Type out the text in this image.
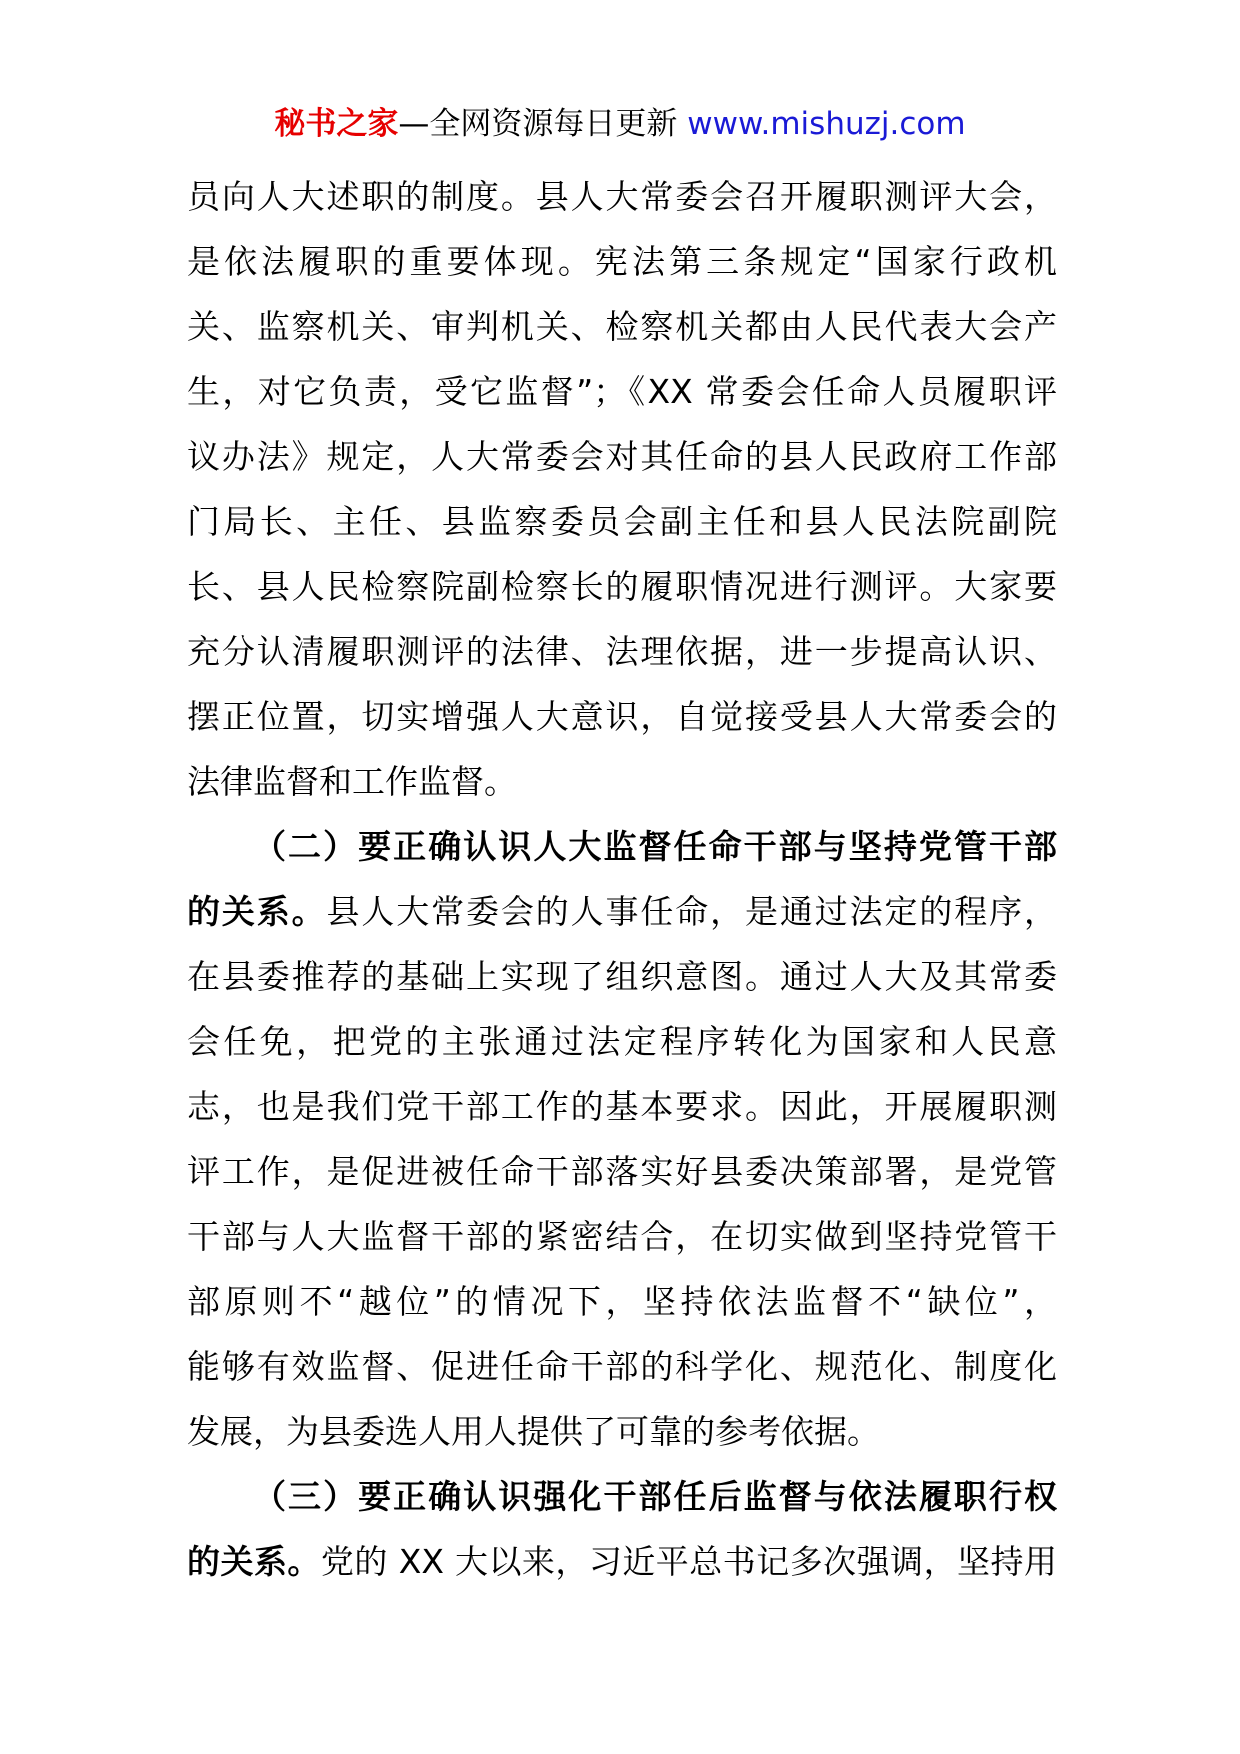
秘书之家—全网资源每日更新 www.mishuzj.com
员向人大述职的制度。县人大常委会召开履职测评大会，
是依法履职的重要体现。宪法第三条规定“国家行政机
关、监察机关、审判机关、检察机关都由人民代表大会产
生，对它负责，受它监督”；《XX 常委会任命人员履职评
议办法》规定，人大常委会对其任命的县人民政府工作部
门局长、主任、县监察委员会副主任和县人民法院副院
长、县人民检察院副检察长的履职情况进行测评。大家要
充分认清履职测评的法律、法理依据，进一步提高认识、
摆正位置，切实增强人大意识，自觉接受县人大常委会的
法律监督和工作监督。
（二）要正确认识人大监督任命干部与坚持党管干部
的关系。县人大常委会的人事任命，是通过法定的程序，
在县委推荐的基础上实现了组织意图。通过人大及其常委
会任免，把党的主张通过法定程序转化为国家和人民意
志，也是我们党干部工作的基本要求。因此，开展履职测
评工作，是促进被任命干部落实好县委决策部署，是党管
干部与人大监督干部的紧密结合，在切实做到坚持党管干
部原则不“越位”的情况下，坚持依法监督不“缺位”，
能够有效监督、促进任命干部的科学化、规范化、制度化
发展，为县委选人用人提供了可靠的参考依据。
（三）要正确认识强化干部任后监督与依法履职行权
的关系。党的 XX 大以来，习近平总书记多次强调，坚持用
